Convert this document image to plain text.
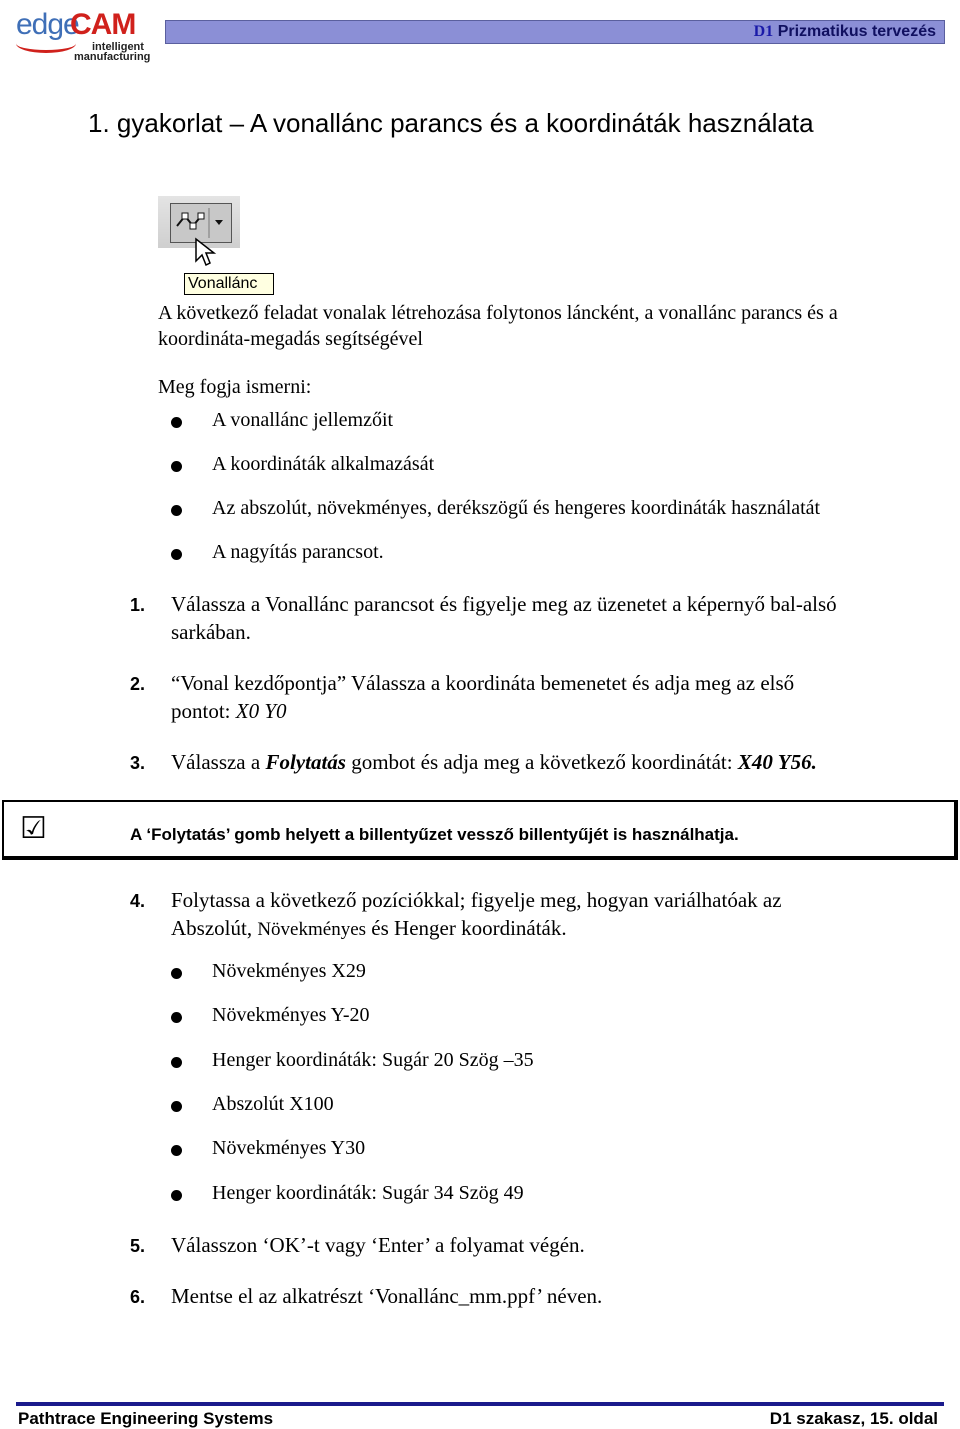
edge
CAM
intelligent
manufacturing
D1 Prizmatikus tervezés
1. gyakorlat – A vonallánc parancs és a koordináták használata
Vonallánc
A következő feladat vonalak létrehozása folytonos láncként, a vonallánc parancs és a
koordináta-megadás segítségével
Meg fogja ismerni:
A vonallánc jellemzőit
A koordináták alkalmazását
Az abszolút, növekményes, derékszögű és hengeres koordináták használatát
A nagyítás parancsot.
1. Válassza a Vonallánc parancsot és figyelje meg az üzenetet a képernyő bal-alsó
sarkában.
2. “Vonal kezdőpontja” Válassza a koordináta bemenetet és adja meg az első
pontot: X0 Y0
3. Válassza a Folytatás gombot és adja meg a következő koordinátát: X40 Y56.
☑	A ‘Folytatás’ gomb helyett a billentyűzet vessző billentyűjét is használhatja.
4. Folytassa a következő pozíciókkal; figyelje meg, hogyan variálhatóak az
Abszolút, Növekményes és Henger koordináták.
Növekményes X29
Növekményes Y-20
Henger koordináták: Sugár 20 Szög –35
Abszolút X100
Növekményes Y30
Henger koordináták: Sugár 34 Szög 49
5. Válasszon ‘OK’-t vagy ‘Enter’ a folyamat végén.
6. Mentse el az alkatrészt ‘Vonallánc_mm.ppf’ néven.
Pathtrace Engineering Systems	D1 szakasz, 15. oldal
